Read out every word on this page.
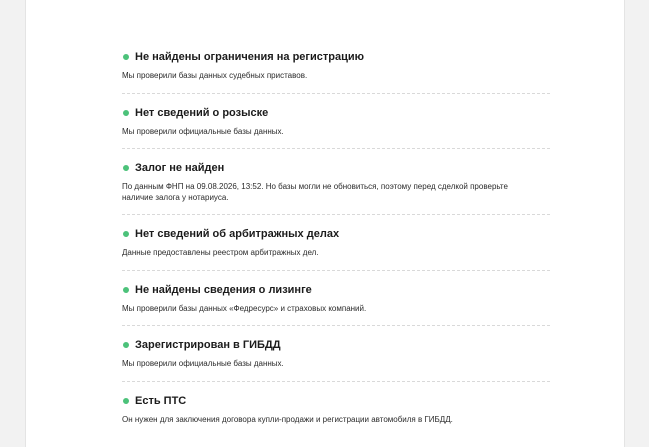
Не найдены ограничения на регистрацию

Мы проверили базы данных судебных приставов.

Нет сведений о розыске

Мы проверили официальные базы данных.

Залог не найден

По данным ФНП на 09.08.2026, 13:52. Но базы могли не обновиться, поэтому перед сделкой проверьте наличие залога у нотариуса.

Нет сведений об арбитражных делах

Данные предоставлены реестром арбитражных дел.

Не найдены сведения о лизинге

Мы проверили базы данных «Федресурс» и страховых компаний.

Зарегистрирован в ГИБДД

Мы проверили официальные базы данных.

Есть ПТС

Он нужен для заключения договора купли-продажи и регистрации автомобиля в ГИБДД.
